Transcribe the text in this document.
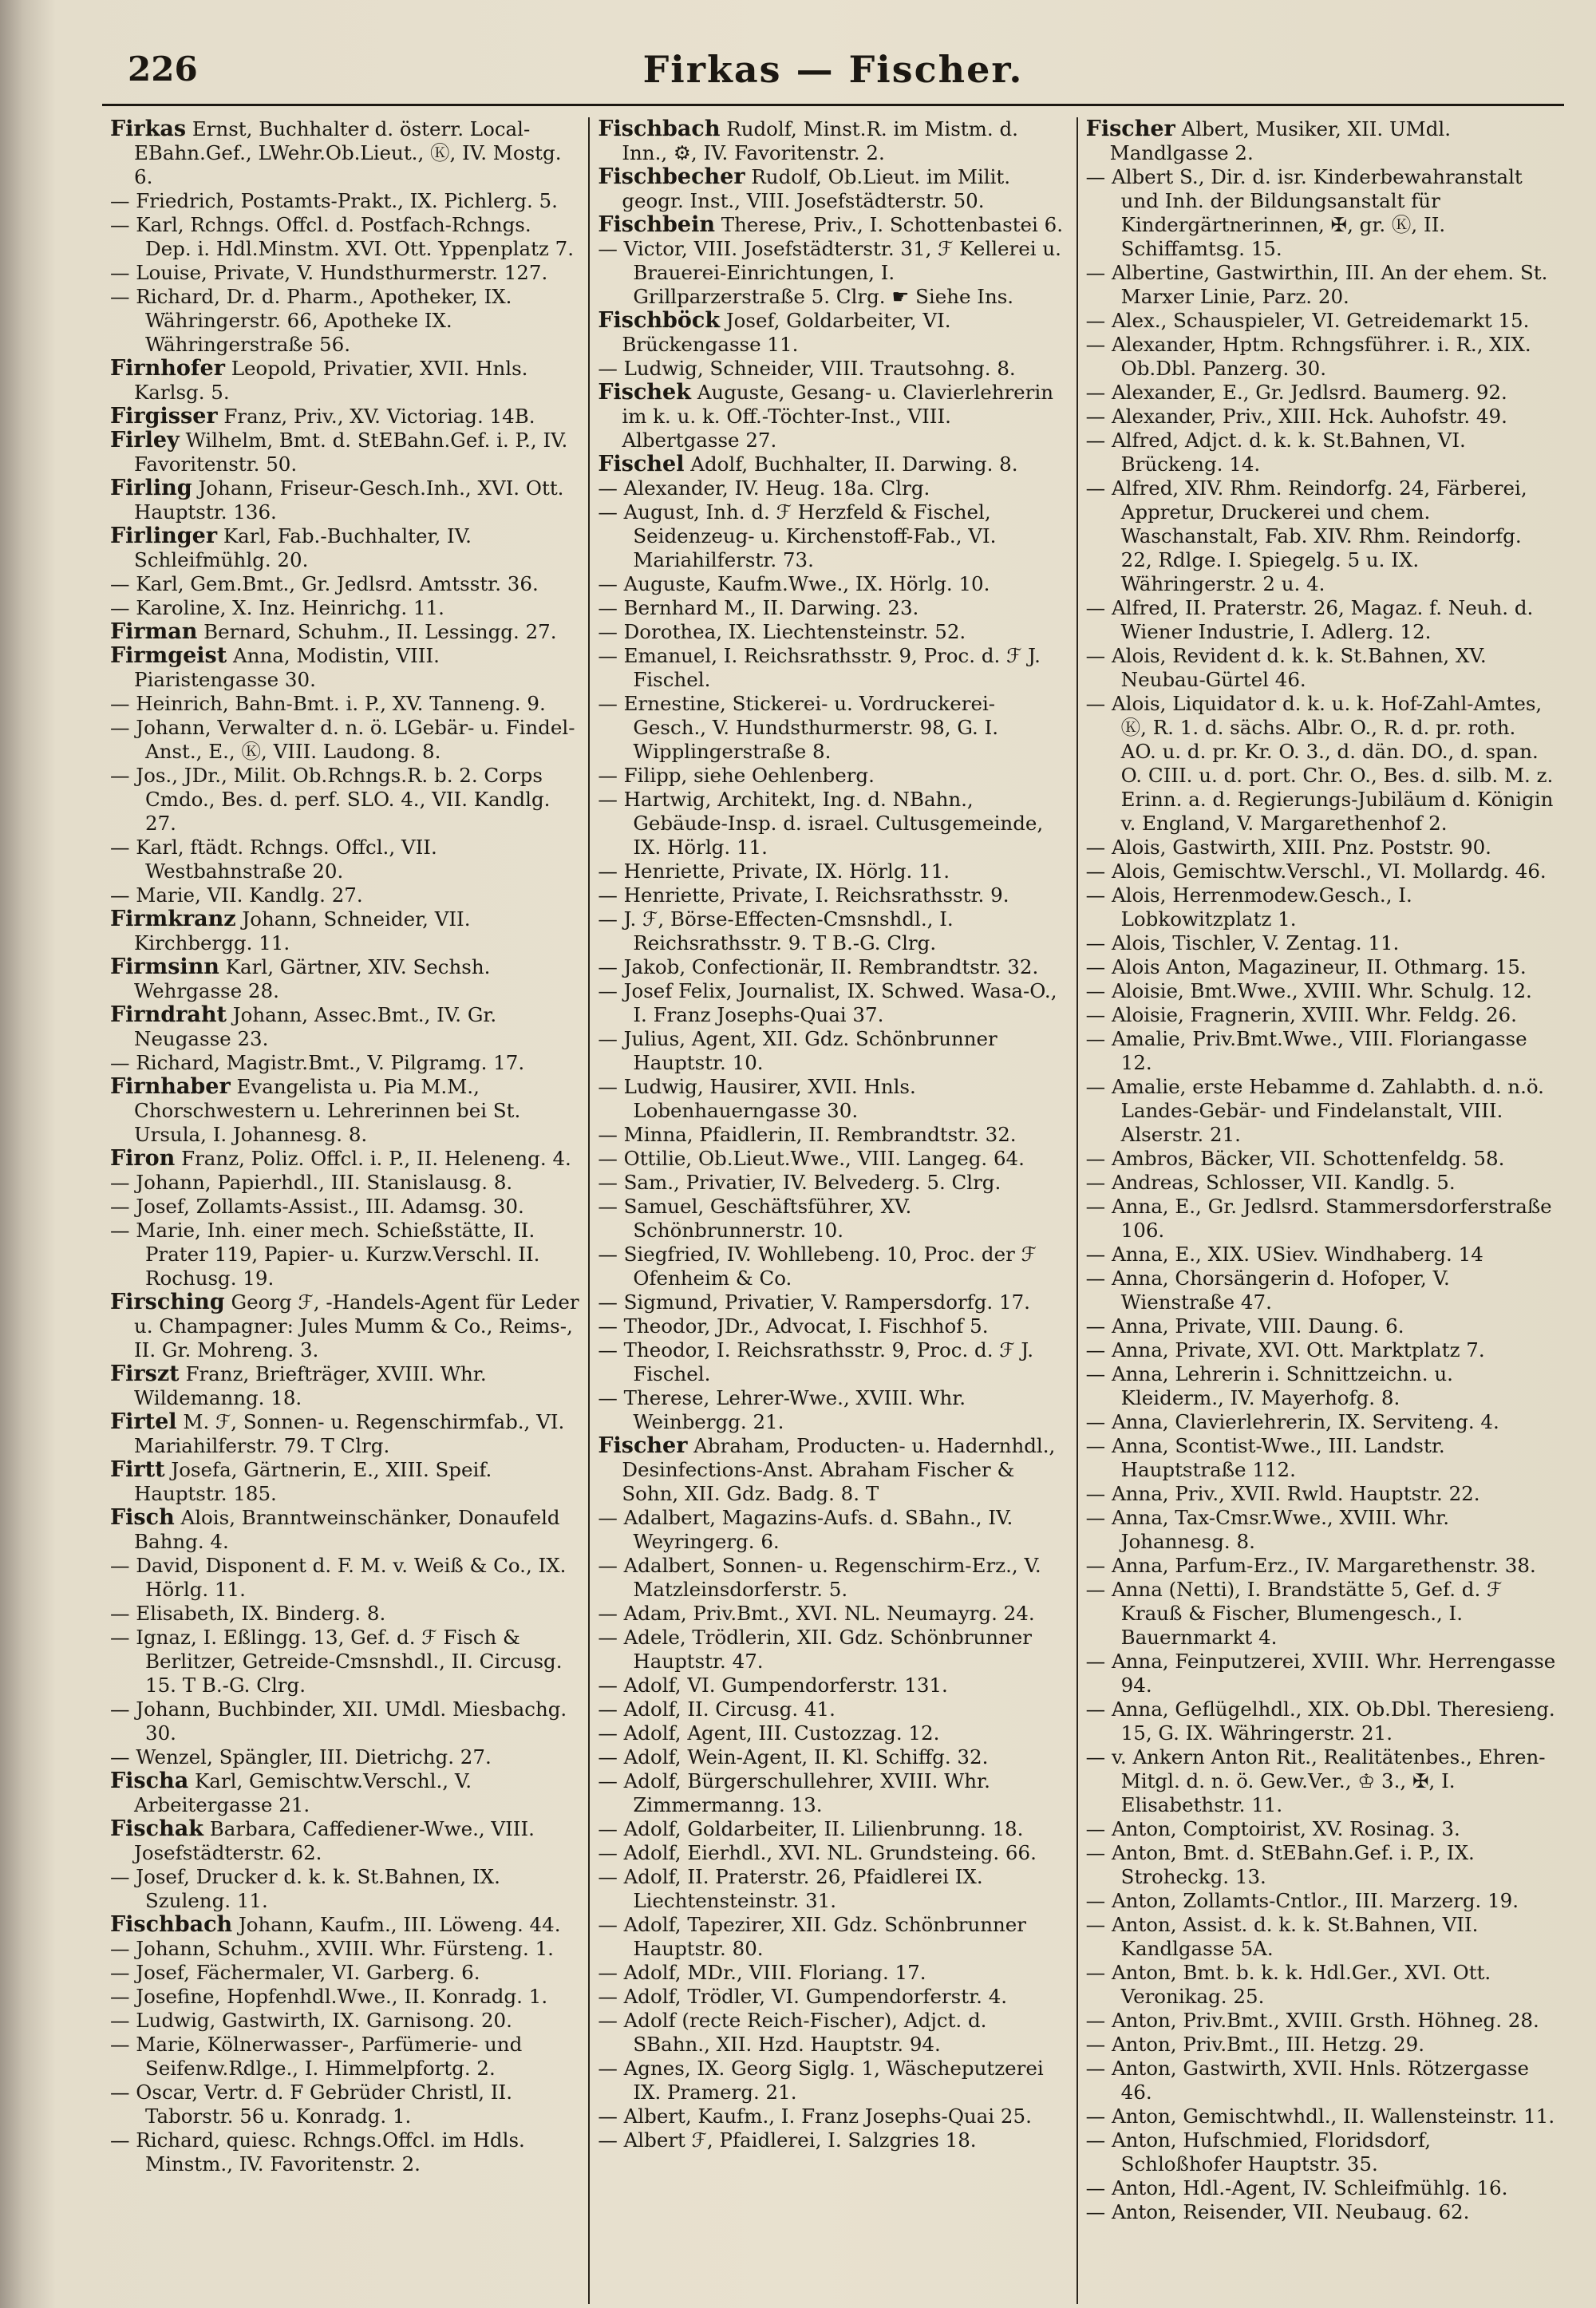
226	Firkas — Fischer.

Firkas Ernst, Buchhalter d. österr. Local-EBahn.Gef., LWehr.Ob.Lieut., Ⓚ, IV. Mostg. 6.

— Friedrich, Postamts-Prakt., IX. Pichlerg. 5.

— Karl, Rchngs. Offcl. d. Postfach-Rchngs. Dep. i. Hdl.Minstm. XVI. Ott. Yppenplatz 7.

— Louise, Private, V. Hundsthurmerstr. 127.

— Richard, Dr. d. Pharm., Apotheker, IX. Währingerstr. 66, Apotheke IX. Währingerstraße 56.

Firnhofer Leopold, Privatier, XVII. Hnls. Karlsg. 5.

Firgisser Franz, Priv., XV. Victoriag. 14B.

Firley Wilhelm, Bmt. d. StEBahn.Gef. i. P., IV. Favoritenstr. 50.

Firling Johann, Friseur-Gesch.Inh., XVI. Ott. Hauptstr. 136.

Firlinger Karl, Fab.-Buchhalter, IV. Schleifmühlg. 20.

— Karl, Gem.Bmt., Gr. Jedlsrd. Amtsstr. 36.

— Karoline, X. Inz. Heinrichg. 11.

Firman Bernard, Schuhm., II. Lessingg. 27.

Firmgeist Anna, Modistin, VIII. Piaristengasse 30.

— Heinrich, Bahn-Bmt. i. P., XV. Tanneng. 9.

— Johann, Verwalter d. n. ö. LGebär- u. Findel-Anst., E., Ⓚ, VIII. Laudong. 8.

— Jos., JDr., Milit. Ob.Rchngs.R. b. 2. Corps Cmdo., Bes. d. perf. SLO. 4., VII. Kandlg. 27.

— Karl, ftädt. Rchngs. Offcl., VII. Westbahnstraße 20.

— Marie, VII. Kandlg. 27.

Firmkranz Johann, Schneider, VII. Kirchbergg. 11.

Firmsinn Karl, Gärtner, XIV. Sechsh. Wehrgasse 28.

Firndraht Johann, Assec.Bmt., IV. Gr. Neugasse 23.

— Richard, Magistr.Bmt., V. Pilgramg. 17.

Firnhaber Evangelista u. Pia M.M., Chorschwestern u. Lehrerinnen bei St. Ursula, I. Johannesg. 8.

Firon Franz, Poliz. Offcl. i. P., II. Heleneng. 4.

— Johann, Papierhdl., III. Stanislausg. 8.

— Josef, Zollamts-Assist., III. Adamsg. 30.

— Marie, Inh. einer mech. Schießstätte, II. Prater 119, Papier- u. Kurzw.Verschl. II. Rochusg. 19.

Firsching Georg ℱ, -Handels-Agent für Leder u. Champagner: Jules Mumm & Co., Reims-, II. Gr. Mohreng. 3.

Firszt Franz, Briefträger, XVIII. Whr. Wildemanng. 18.

Firtel M. ℱ, Sonnen- u. Regenschirmfab., VI. Mariahilferstr. 79. T Clrg.

Firtt Josefa, Gärtnerin, E., XIII. Speif. Hauptstr. 185.

Fisch Alois, Branntweinschänker, Donaufeld Bahng. 4.

— David, Disponent d. F. M. v. Weiß & Co., IX. Hörlg. 11.

— Elisabeth, IX. Binderg. 8.

— Ignaz, I. Eßlingg. 13, Gef. d. ℱ Fisch & Berlitzer, Getreide-Cmsnshdl., II. Circusg. 15. T B.-G. Clrg.

— Johann, Buchbinder, XII. UMdl. Miesbachg. 30.

— Wenzel, Spängler, III. Dietrichg. 27.

Fischa Karl, Gemischtw.Verschl., V. Arbeitergasse 21.

Fischak Barbara, Caffediener-Wwe., VIII. Josefstädterstr. 62.

— Josef, Drucker d. k. k. St.Bahnen, IX. Szuleng. 11.

Fischbach Johann, Kaufm., III. Löweng. 44.

— Johann, Schuhm., XVIII. Whr. Fürsteng. 1.

— Josef, Fächermaler, VI. Garberg. 6.

— Josefine, Hopfenhdl.Wwe., II. Konradg. 1.

— Ludwig, Gastwirth, IX. Garnisong. 20.

— Marie, Kölnerwasser-, Parfümerie- und Seifenw.Rdlge., I. Himmelpfortg. 2.

— Oscar, Vertr. d. F Gebrüder Christl, II. Taborstr. 56 u. Konradg. 1.

— Richard, quiesc. Rchngs.Offcl. im Hdls. Minstm., IV. Favoritenstr. 2.

Fischbach Rudolf, Minst.R. im Mistm. d. Inn., ⚙, IV. Favoritenstr. 2.

Fischbecher Rudolf, Ob.Lieut. im Milit. geogr. Inst., VIII. Josefstädterstr. 50.

Fischbein Therese, Priv., I. Schottenbastei 6.

— Victor, VIII. Josefstädterstr. 31, ℱ Kellerei u. Brauerei-Einrichtungen, I. Grillparzerstraße 5. Clrg. ☛ Siehe Ins.

Fischböck Josef, Goldarbeiter, VI. Brückengasse 11.

— Ludwig, Schneider, VIII. Trautsohng. 8.

Fischek Auguste, Gesang- u. Clavierlehrerin im k. u. k. Off.-Töchter-Inst., VIII. Albertgasse 27.

Fischel Adolf, Buchhalter, II. Darwing. 8.

— Alexander, IV. Heug. 18a. Clrg.

— August, Inh. d. ℱ Herzfeld & Fischel, Seidenzeug- u. Kirchenstoff-Fab., VI. Mariahilferstr. 73.

— Auguste, Kaufm.Wwe., IX. Hörlg. 10.

— Bernhard M., II. Darwing. 23.

— Dorothea, IX. Liechtensteinstr. 52.

— Emanuel, I. Reichsrathsstr. 9, Proc. d. ℱ J. Fischel.

— Ernestine, Stickerei- u. Vordruckerei-Gesch., V. Hundsthurmerstr. 98, G. I. Wipplingerstraße 8.

— Filipp, siehe Oehlenberg.

— Hartwig, Architekt, Ing. d. NBahn., Gebäude-Insp. d. israel. Cultusgemeinde, IX. Hörlg. 11.

— Henriette, Private, IX. Hörlg. 11.

— Henriette, Private, I. Reichsrathsstr. 9.

— J. ℱ, Börse-Effecten-Cmsnshdl., I. Reichsrathsstr. 9. T B.-G. Clrg.

— Jakob, Confectionär, II. Rembrandtstr. 32.

— Josef Felix, Journalist, IX. Schwed. Wasa-O., I. Franz Josephs-Quai 37.

— Julius, Agent, XII. Gdz. Schönbrunner Hauptstr. 10.

— Ludwig, Hausirer, XVII. Hnls. Lobenhauerngasse 30.

— Minna, Pfaidlerin, II. Rembrandtstr. 32.

— Ottilie, Ob.Lieut.Wwe., VIII. Langeg. 64.

— Sam., Privatier, IV. Belvederg. 5. Clrg.

— Samuel, Geschäftsführer, XV. Schönbrunnerstr. 10.

— Siegfried, IV. Wohllebeng. 10, Proc. der ℱ Ofenheim & Co.

— Sigmund, Privatier, V. Rampersdorfg. 17.

— Theodor, JDr., Advocat, I. Fischhof 5.

— Theodor, I. Reichsrathsstr. 9, Proc. d. ℱ J. Fischel.

— Therese, Lehrer-Wwe., XVIII. Whr. Weinbergg. 21.

Fischer Abraham, Producten- u. Hadernhdl., Desinfections-Anst. Abraham Fischer & Sohn, XII. Gdz. Badg. 8. T

— Adalbert, Magazins-Aufs. d. SBahn., IV. Weyringerg. 6.

— Adalbert, Sonnen- u. Regenschirm-Erz., V. Matzleinsdorferstr. 5.

— Adam, Priv.Bmt., XVI. NL. Neumayrg. 24.

— Adele, Trödlerin, XII. Gdz. Schönbrunner Hauptstr. 47.

— Adolf, VI. Gumpendorferstr. 131.

— Adolf, II. Circusg. 41.

— Adolf, Agent, III. Custozzag. 12.

— Adolf, Wein-Agent, II. Kl. Schiffg. 32.

— Adolf, Bürgerschullehrer, XVIII. Whr. Zimmermanng. 13.

— Adolf, Goldarbeiter, II. Lilienbrunng. 18.

— Adolf, Eierhdl., XVI. NL. Grundsteing. 66.

— Adolf, II. Praterstr. 26, Pfaidlerei IX. Liechtensteinstr. 31.

— Adolf, Tapezirer, XII. Gdz. Schönbrunner Hauptstr. 80.

— Adolf, MDr., VIII. Floriang. 17.

— Adolf, Trödler, VI. Gumpendorferstr. 4.

— Adolf (recte Reich-Fischer), Adjct. d. SBahn., XII. Hzd. Hauptstr. 94.

— Agnes, IX. Georg Siglg. 1, Wäscheputzerei IX. Pramerg. 21.

— Albert, Kaufm., I. Franz Josephs-Quai 25.

— Albert ℱ, Pfaidlerei, I. Salzgries 18.

Fischer Albert, Musiker, XII. UMdl. Mandlgasse 2.

— Albert S., Dir. d. isr. Kinderbewahranstalt und Inh. der Bildungsanstalt für Kindergärtnerinnen, ✠, gr. Ⓚ, II. Schiffamtsg. 15.

— Albertine, Gastwirthin, III. An der ehem. St. Marxer Linie, Parz. 20.

— Alex., Schauspieler, VI. Getreidemarkt 15.

— Alexander, Hptm. Rchngsführer. i. R., XIX. Ob.Dbl. Panzerg. 30.

— Alexander, E., Gr. Jedlsrd. Baumerg. 92.

— Alexander, Priv., XIII. Hck. Auhofstr. 49.

— Alfred, Adjct. d. k. k. St.Bahnen, VI. Brückeng. 14.

— Alfred, XIV. Rhm. Reindorfg. 24, Färberei, Appretur, Druckerei und chem. Waschanstalt, Fab. XIV. Rhm. Reindorfg. 22, Rdlge. I. Spiegelg. 5 u. IX. Währingerstr. 2 u. 4.

— Alfred, II. Praterstr. 26, Magaz. f. Neuh. d. Wiener Industrie, I. Adlerg. 12.

— Alois, Revident d. k. k. St.Bahnen, XV. Neubau-Gürtel 46.

— Alois, Liquidator d. k. u. k. Hof-Zahl-Amtes, Ⓚ, R. 1. d. sächs. Albr. O., R. d. pr. roth. AO. u. d. pr. Kr. O. 3., d. dän. DO., d. span. O. CIII. u. d. port. Chr. O., Bes. d. silb. M. z. Erinn. a. d. Regierungs-Jubiläum d. Königin v. England, V. Margarethenhof 2.

— Alois, Gastwirth, XIII. Pnz. Poststr. 90.

— Alois, Gemischtw.Verschl., VI. Mollardg. 46.

— Alois, Herrenmodew.Gesch., I. Lobkowitzplatz 1.

— Alois, Tischler, V. Zentag. 11.

— Alois Anton, Magazineur, II. Othmarg. 15.

— Aloisie, Bmt.Wwe., XVIII. Whr. Schulg. 12.

— Aloisie, Fragnerin, XVIII. Whr. Feldg. 26.

— Amalie, Priv.Bmt.Wwe., VIII. Floriangasse 12.

— Amalie, erste Hebamme d. Zahlabth. d. n.ö. Landes-Gebär- und Findelanstalt, VIII. Alserstr. 21.

— Ambros, Bäcker, VII. Schottenfeldg. 58.

— Andreas, Schlosser, VII. Kandlg. 5.

— Anna, E., Gr. Jedlsrd. Stammersdorferstraße 106.

— Anna, E., XIX. USiev. Windhaberg. 14

— Anna, Chorsängerin d. Hofoper, V. Wienstraße 47.

— Anna, Private, VIII. Daung. 6.

— Anna, Private, XVI. Ott. Marktplatz 7.

— Anna, Lehrerin i. Schnittzeichn. u. Kleiderm., IV. Mayerhofg. 8.

— Anna, Clavierlehrerin, IX. Serviteng. 4.

— Anna, Scontist-Wwe., III. Landstr. Hauptstraße 112.

— Anna, Priv., XVII. Rwld. Hauptstr. 22.

— Anna, Tax-Cmsr.Wwe., XVIII. Whr. Johannesg. 8.

— Anna, Parfum-Erz., IV. Margarethenstr. 38.

— Anna (Netti), I. Brandstätte 5, Gef. d. ℱ Krauß & Fischer, Blumengesch., I. Bauernmarkt 4.

— Anna, Feinputzerei, XVIII. Whr. Herrengasse 94.

— Anna, Geflügelhdl., XIX. Ob.Dbl. Theresieng. 15, G. IX. Währingerstr. 21.

— v. Ankern Anton Rit., Realitätenbes., Ehren-Mitgl. d. n. ö. Gew.Ver., ♔ 3., ✠, I. Elisabethstr. 11.

— Anton, Comptoirist, XV. Rosinag. 3.

— Anton, Bmt. d. StEBahn.Gef. i. P., IX. Stroheckg. 13.

— Anton, Zollamts-Cntlor., III. Marzerg. 19.

— Anton, Assist. d. k. k. St.Bahnen, VII. Kandlgasse 5A.

— Anton, Bmt. b. k. k. Hdl.Ger., XVI. Ott. Veronikag. 25.

— Anton, Priv.Bmt., XVIII. Grsth. Höhneg. 28.

— Anton, Priv.Bmt., III. Hetzg. 29.

— Anton, Gastwirth, XVII. Hnls. Rötzergasse 46.

— Anton, Gemischtwhdl., II. Wallensteinstr. 11.

— Anton, Hufschmied, Floridsdorf, Schloßhofer Hauptstr. 35.

— Anton, Hdl.-Agent, IV. Schleifmühlg. 16.

— Anton, Reisender, VII. Neubaug. 62.
